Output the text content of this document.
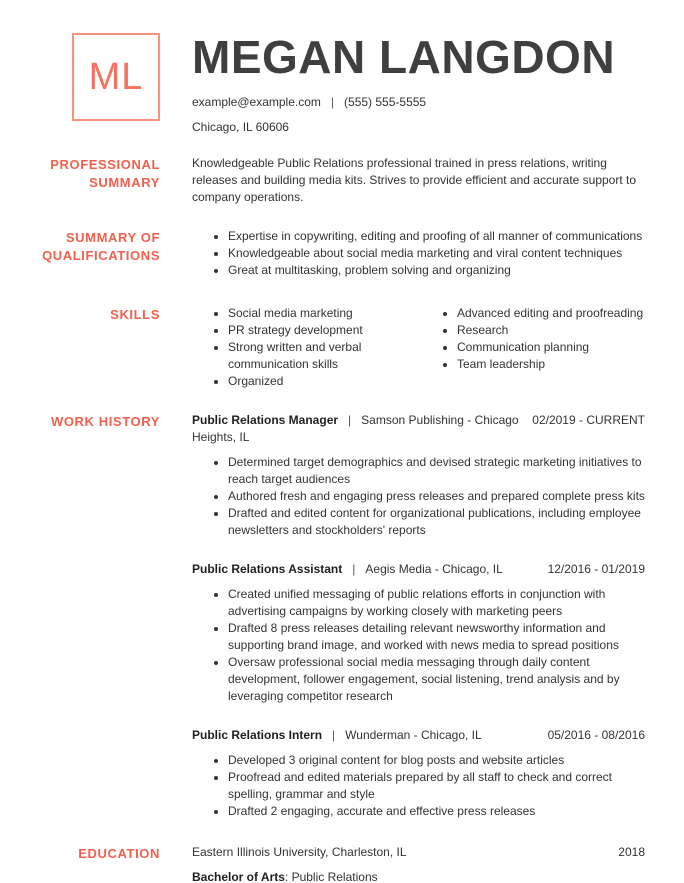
ML MEGAN LANGDON
example@example.com | (555) 555-5555
Chicago, IL 60606
PROFESSIONAL SUMMARY
Knowledgeable Public Relations professional trained in press relations, writing releases and building media kits. Strives to provide efficient and accurate support to company operations.
SUMMARY OF QUALIFICATIONS
• Expertise in copywriting, editing and proofing of all manner of communications
• Knowledgeable about social media marketing and viral content techniques
• Great at multitasking, problem solving and organizing
SKILLS	• Social media marketing
• PR strategy development
• Strong written and verbal communication skills
• Organized
• Advanced editing and proofreading
• Research
• Communication planning
• Team leadership
WORK HISTORY	Public Relations Manager | Samson Publishing - Chicago Heights, IL
02/2019 - CURRENT
• Determined target demographics and devised strategic marketing initiatives to reach target audiences
• Authored fresh and engaging press releases and prepared complete press kits
• Drafted and edited content for organizational publications, including employee newsletters and stockholders' reports
Public Relations Assistant | Aegis Media - Chicago, IL	12/2016 - 01/2019
• Created unified messaging of public relations efforts in conjunction with advertising campaigns by working closely with marketing peers
• Drafted 8 press releases detailing relevant newsworthy information and supporting brand image, and worked with news media to spread positions
• Oversaw professional social media messaging through daily content development, follower engagement, social listening, trend analysis and by leveraging competitor research
Public Relations Intern | Wunderman - Chicago, IL	05/2016 - 08/2016
• Developed 3 original content for blog posts and website articles
• Proofread and edited materials prepared by all staff to check and correct spelling, grammar and style
• Drafted 2 engaging, accurate and effective press releases
EDUCATION	Eastern Illinois University, Charleston, IL	2018
Bachelor of Arts: Public Relations
